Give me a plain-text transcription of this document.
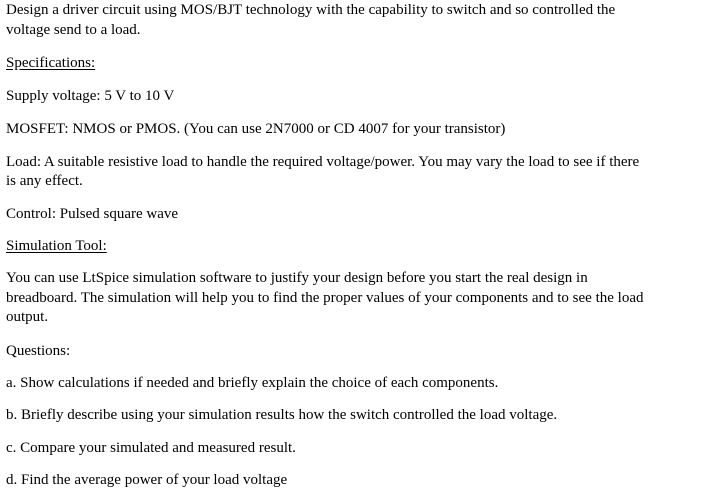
Design a driver circuit using MOS/BJT technology with the capability to switch and so controlled the

voltage send to a load.

Specifications:

Supply voltage: 5 V to 10 V

MOSFET: NMOS or PMOS. (You can use 2N7000 or CD 4007 for your transistor)

Load: A suitable resistive load to handle the required voltage/power. You may vary the load to see if there

is any effect.

Control: Pulsed square wave

Simulation Tool:

You can use LtSpice simulation software to justify your design before you start the real design in

breadboard. The simulation will help you to find the proper values of your components and to see the load

output.

Questions:

a. Show calculations if needed and briefly explain the choice of each components.

b. Briefly describe using your simulation results how the switch controlled the load voltage.

c. Compare your simulated and measured result.

d. Find the average power of your load voltage
